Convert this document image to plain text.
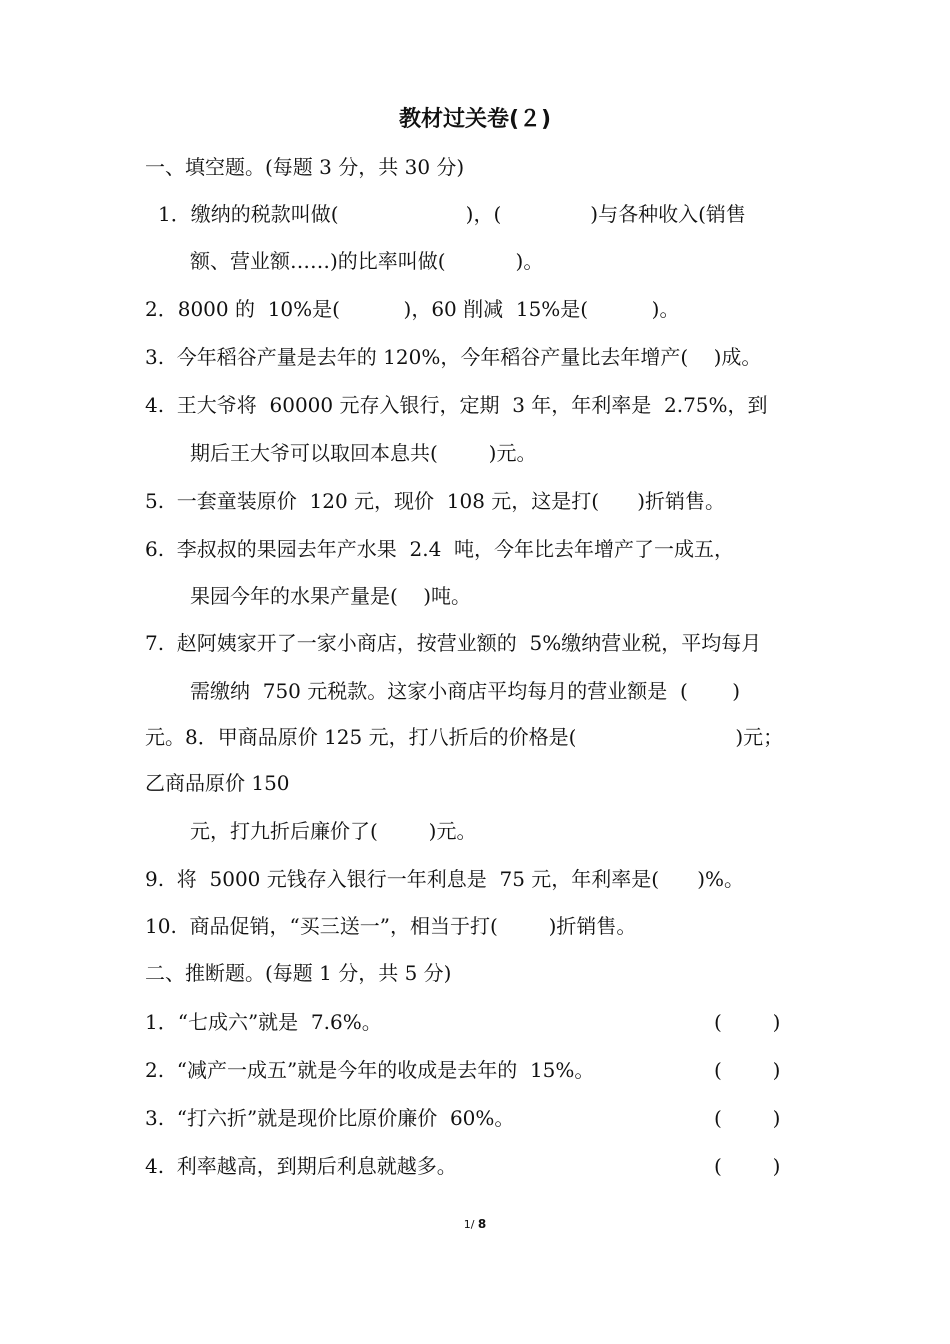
教材过关卷(２)
一、填空题。(每题 3 分，共 30 分)
1．缴纳的税款叫做(                    )，(              )与各种收入(销售
额、营业额……)的比率叫做(           )。
2．8000 的  10%是(          )，60 削减  15%是(          )。
3.  今年稻谷产量是去年的 120%，今年稻谷产量比去年增产(    )成。
4.  王大爷将  60000 元存入银行，定期  3 年，年利率是  2.75%，到
期后王大爷可以取回本息共(        )元。
5.  一套童装原价  120 元，现价  108 元，这是打(      )折销售。
6.  李叔叔的果园去年产水果  2.4  吨，今年比去年增产了一成五，
果园今年的水果产量是(    )吨。
7.  赵阿姨家开了一家小商店，按营业额的  5%缴纳营业税，平均每月
需缴纳  750 元税款。这家小商店平均每月的营业额是  (       )
元。8．甲商品原价 125 元，打八折后的价格是(                         )元；
乙商品原价 150
元，打九折后廉价了(        )元。
9.  将  5000 元钱存入银行一年利息是  75 元，年利率是(      )%。
10.  商品促销，“买三送一”，相当于打(        )折销售。
二、推断题。(每题 1 分，共 5 分)
1．“七成六”就是  7.6%。	(        )
2.  “减产一成五”就是今年的收成是去年的  15%。	(        )
3.  “打六折”就是现价比原价廉价  60%。	(        )
4.  利率越高，到期后利息就越多。	(        )
1/ 8
